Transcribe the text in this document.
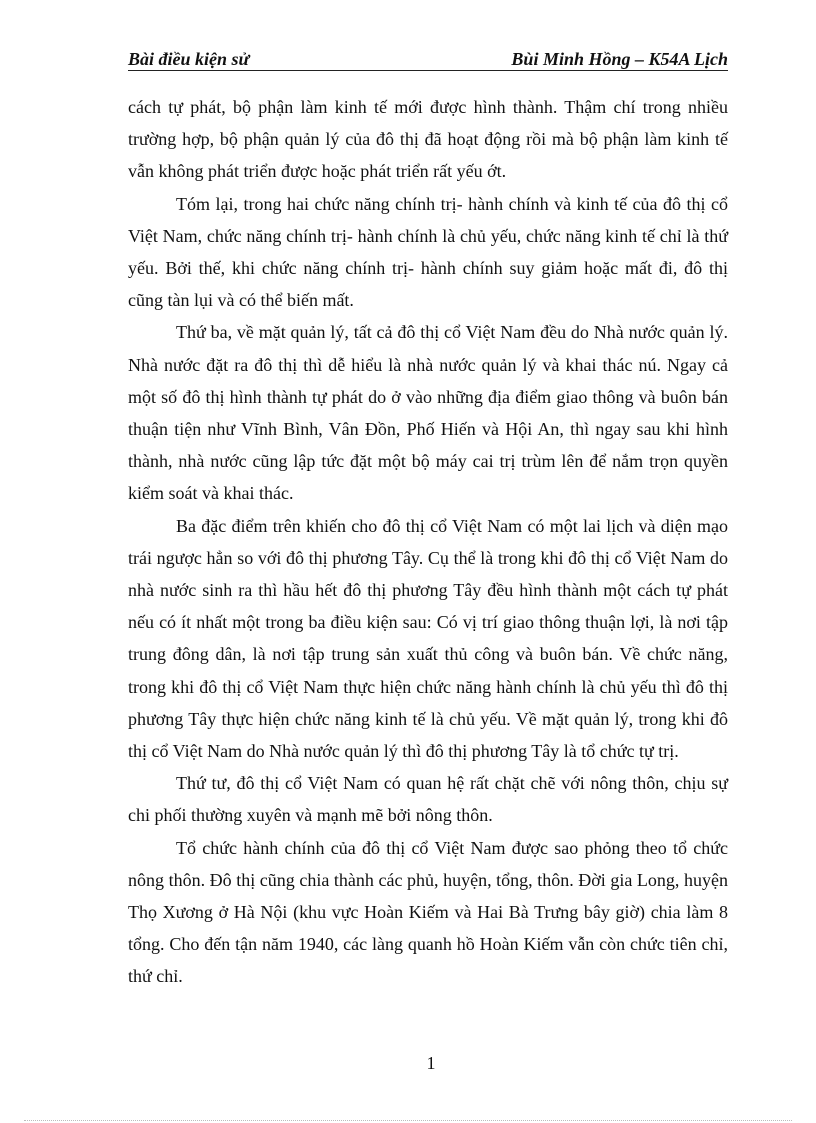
Bài điều kiện sử	Bùi Minh Hồng – K54A Lịch

cách tự phát, bộ phận làm kinh tế mới được hình thành. Thậm chí trong nhiều trường hợp, bộ phận quản lý của đô thị đã hoạt động rồi mà bộ phận làm kinh tế vẫn không phát triển được hoặc phát triển rất yếu ớt.

Tóm lại, trong hai chức năng chính trị- hành chính và kinh tế của đô thị cổ Việt Nam, chức năng chính trị- hành chính là chủ yếu, chức năng kinh tế chỉ là thứ yếu. Bởi thế, khi chức năng chính trị- hành chính suy giảm hoặc mất đi, đô thị cũng tàn lụi và có thể biến mất.

Thứ ba, về mặt quản lý, tất cả đô thị cổ Việt Nam đều do Nhà nước quản lý. Nhà nước đặt ra đô thị thì dễ hiểu là nhà nước quản lý và khai thác nú. Ngay cả một số đô thị hình thành tự phát do ở vào những địa điểm giao thông và buôn bán thuận tiện như Vĩnh Bình, Vân Đồn, Phố Hiến và Hội An, thì ngay sau khi hình thành, nhà nước cũng lập tức đặt một bộ máy cai trị trùm lên để nắm trọn quyền kiểm soát và khai thác.

Ba đặc điểm trên khiến cho đô thị cổ Việt Nam có một lai lịch và diện mạo trái ngược hẳn so với đô thị phương Tây. Cụ thể là trong khi đô thị cổ Việt Nam do nhà nước sinh ra thì hầu hết đô thị phương Tây đều hình thành một cách tự phát nếu có ít nhất một trong ba điều kiện sau: Có vị trí giao thông thuận lợi, là nơi tập trung đông dân, là nơi tập trung sản xuất thủ công và buôn bán. Về chức năng, trong khi đô thị cổ Việt Nam thực hiện chức năng hành chính là chủ yếu thì đô thị phương Tây thực hiện chức năng kinh tế là chủ yếu. Về mặt quản lý, trong khi đô thị cổ Việt Nam do Nhà nước quản lý thì đô thị phương Tây là tổ chức tự trị.

Thứ tư, đô thị cổ Việt Nam có quan hệ rất chặt chẽ với nông thôn, chịu sự chi phối thường xuyên và mạnh mẽ bởi nông thôn.

Tổ chức hành chính của đô thị cổ Việt Nam được sao phỏng theo tổ chức nông thôn. Đô thị cũng chia thành các phủ, huyện, tổng, thôn. Đời gia Long, huyện Thọ Xương ở Hà Nội (khu vực Hoàn Kiếm và Hai Bà Trưng bây giờ) chia làm 8 tổng. Cho đến tận năm 1940, các làng quanh hồ Hoàn Kiếm vẫn còn chức tiên chỉ, thứ chỉ.

1
